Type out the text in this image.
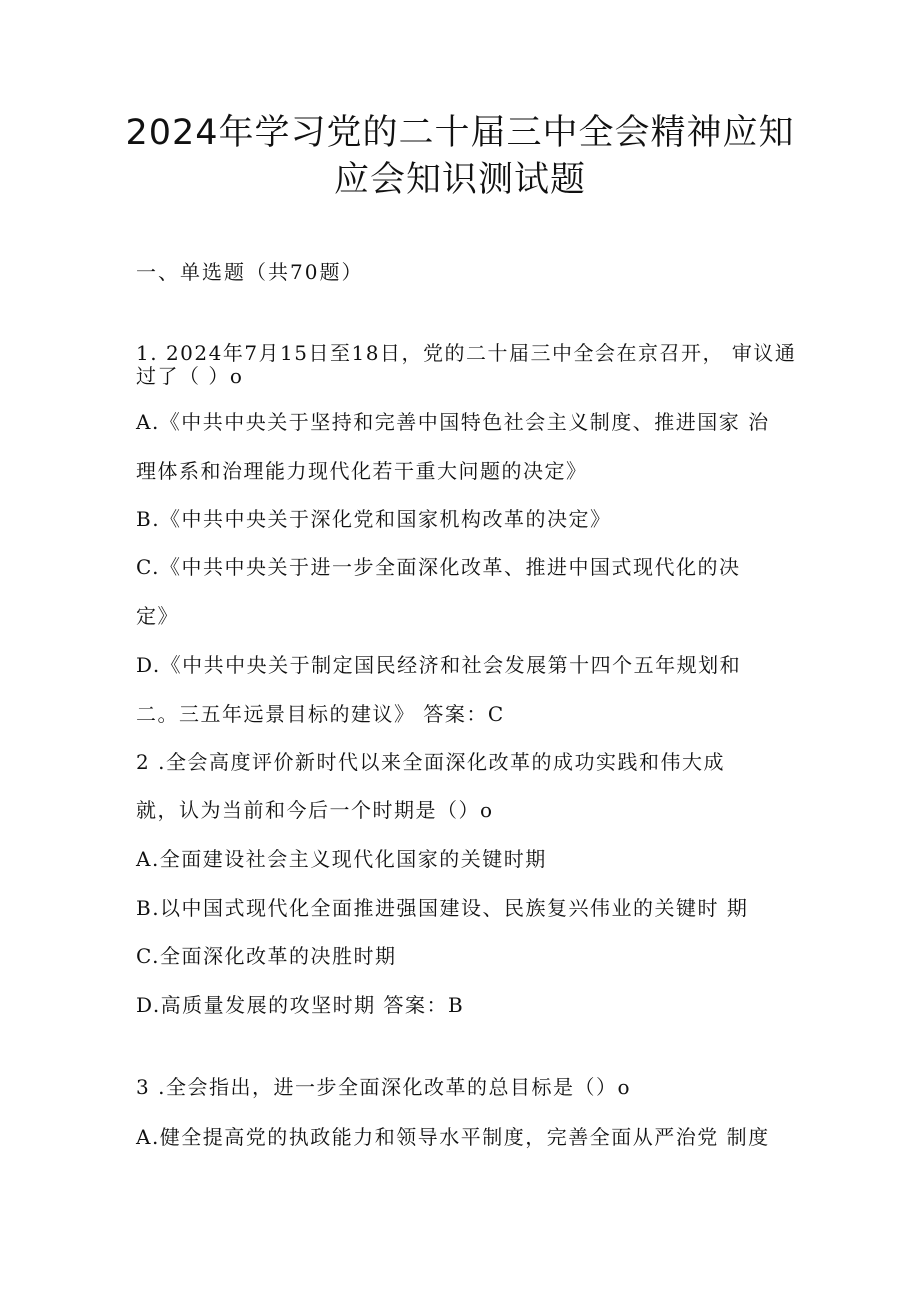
2024年学习党的二十届三中全会精神应知
应会知识测试题
一、单选题（共70题）
1. 2024年7月15日至18日，党的二十届三中全会在京召开， 审议通
过了（ ）o
A.《中共中央关于坚持和完善中国特色社会主义制度、推进国家 治
理体系和治理能力现代化若干重大问题的决定》
B.《中共中央关于深化党和国家机构改革的决定》
C.《中共中央关于进一步全面深化改革、推进中国式现代化的决
定》
D.《中共中央关于制定国民经济和社会发展第十四个五年规划和
二。三五年远景目标的建议》 答案：C
2 .全会高度评价新时代以来全面深化改革的成功实践和伟大成
就，认为当前和今后一个时期是（）o
A.全面建设社会主义现代化国家的关键时期
B.以中国式现代化全面推进强国建设、民族复兴伟业的关键时 期
C.全面深化改革的决胜时期
D.高质量发展的攻坚时期 答案：B
3 .全会指出，进一步全面深化改革的总目标是（）o
A.健全提高党的执政能力和领导水平制度，完善全面从严治党 制度
